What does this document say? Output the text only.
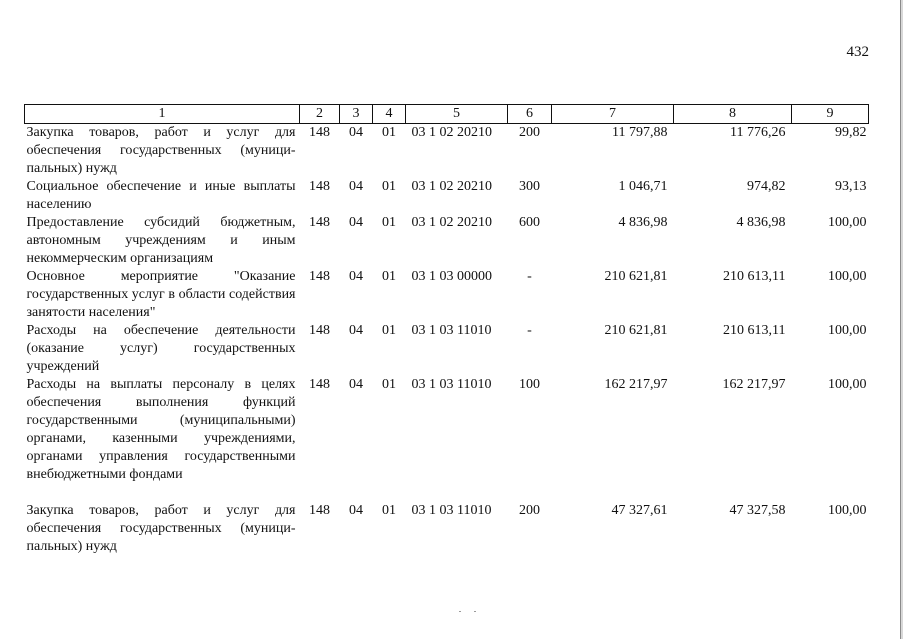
432
1	2	3	4	5	6	7	8	9
Закупка товаров, работ и услуг для обеспечения государственных (муници-пальных) нужд	148	04	01	03 1 02 20210	200	11 797,88	11 776,26	99,82
Социальное обеспечение и иные выплаты населению	148	04	01	03 1 02 20210	300	1 046,71	974,82	93,13
Предоставление субсидий бюджетным, автономным учреждениям и иным некоммерческим организациям	148	04	01	03 1 02 20210	600	4 836,98	4 836,98	100,00
Основное мероприятие "Оказание государственных услуг в области содействия занятости населения"	148	04	01	03 1 03 00000	-	210 621,81	210 613,11	100,00
Расходы на обеспечение деятельности (оказание услуг) государственных учреждений	148	04	01	03 1 03 11010	-	210 621,81	210 613,11	100,00
Расходы на выплаты персоналу в целях обеспечения выполнения функций государственными (муниципальными) органами, казенными учреждениями, органами управления государственными внебюджетными фондами	148	04	01	03 1 03 11010	100	162 217,97	162 217,97	100,00

Закупка товаров, работ и услуг для обеспечения государственных (муници-пальных) нужд	148	04	01	03 1 03 11010	200	47 327,61	47 327,58	100,00
